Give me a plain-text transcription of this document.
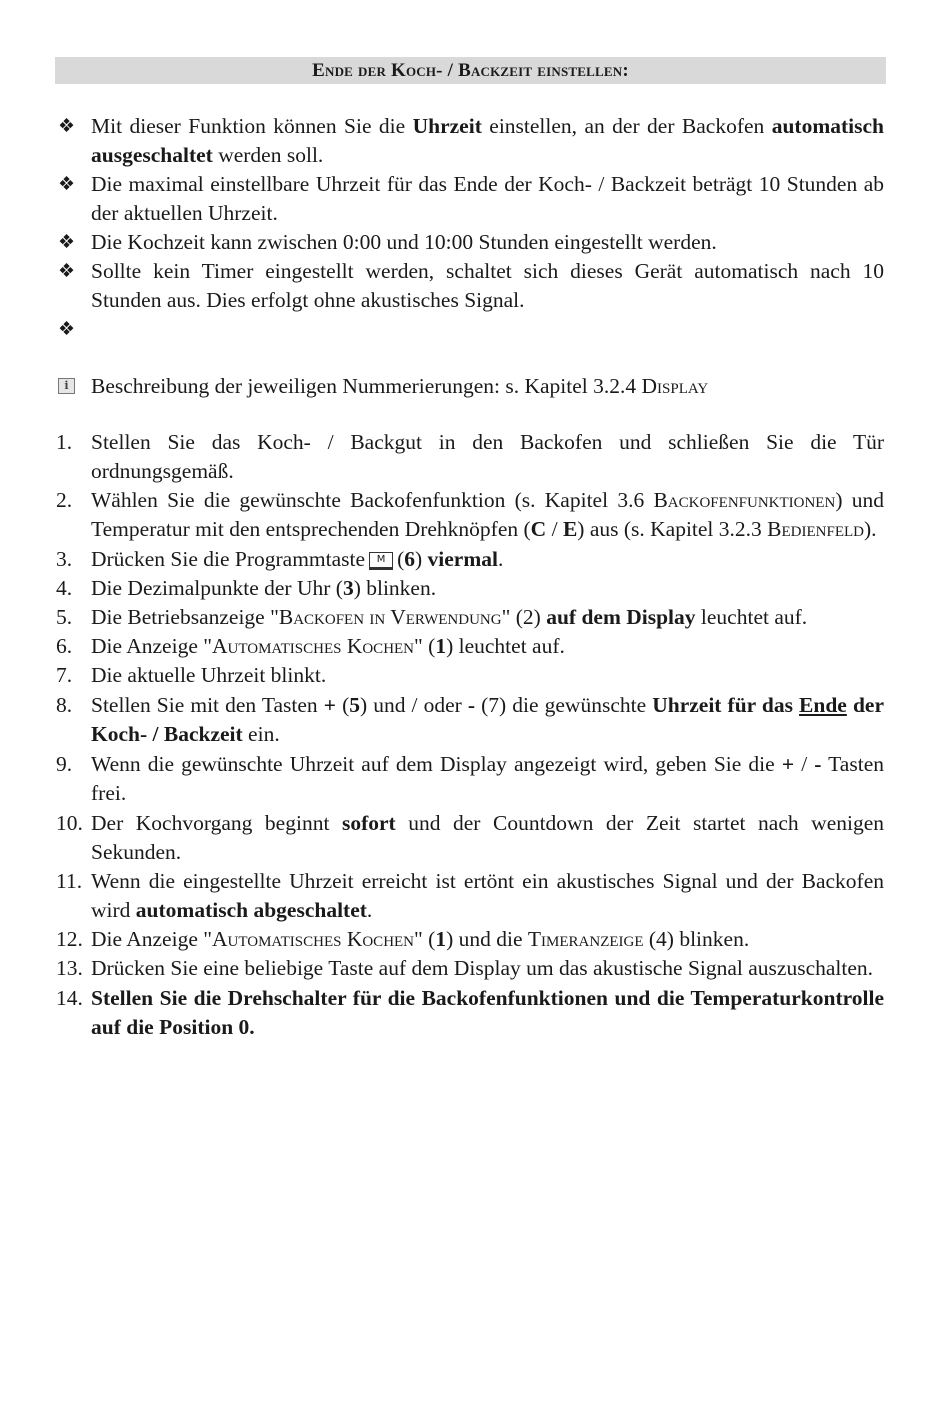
Ende der Koch- / Backzeit einstellen:
❖ Mit dieser Funktion können Sie die Uhrzeit einstellen, an der der Backofen automatisch ausgeschaltet werden soll.
❖ Die maximal einstellbare Uhrzeit für das Ende der Koch- / Backzeit beträgt 10 Stunden ab der aktuellen Uhrzeit.
❖ Die Kochzeit kann zwischen 0:00 und 10:00 Stunden eingestellt werden.
❖ Sollte kein Timer eingestellt werden, schaltet sich dieses Gerät automatisch nach 10 Stunden aus. Dies erfolgt ohne akustisches Signal.
❖

i Beschreibung der jeweiligen Nummerierungen: s. Kapitel 3.2.4 Display
1. Stellen Sie das Koch- / Backgut in den Backofen und schließen Sie die Tür ordnungsgemäß.
2. Wählen Sie die gewünschte Backofenfunktion (s. Kapitel 3.6 Backofenfunktionen) und Temperatur mit den entsprechenden Drehknöpfen (C / E) aus (s. Kapitel 3.2.3 Bedienfeld).
3. Drücken Sie die Programmtaste M (6) viermal.
4. Die Dezimalpunkte der Uhr (3) blinken.
5. Die Betriebsanzeige "Backofen in Verwendung" (2) auf dem Display leuchtet auf.
6. Die Anzeige "Automatisches Kochen" (1) leuchtet auf.
7. Die aktuelle Uhrzeit blinkt.
8. Stellen Sie mit den Tasten + (5) und / oder - (7) die gewünschte Uhrzeit für das Ende der Koch- / Backzeit ein.
9. Wenn die gewünschte Uhrzeit auf dem Display angezeigt wird, geben Sie die + / - Tasten frei.
10. Der Kochvorgang beginnt sofort und der Countdown der Zeit startet nach wenigen Sekunden.
11. Wenn die eingestellte Uhrzeit erreicht ist ertönt ein akustisches Signal und der Backofen wird automatisch abgeschaltet.
12. Die Anzeige "Automatisches Kochen" (1) und die Timeranzeige (4) blinken.
13. Drücken Sie eine beliebige Taste auf dem Display um das akustische Signal auszuschalten.
14. Stellen Sie die Drehschalter für die Backofenfunktionen und die Temperaturkontrolle auf die Position 0.
